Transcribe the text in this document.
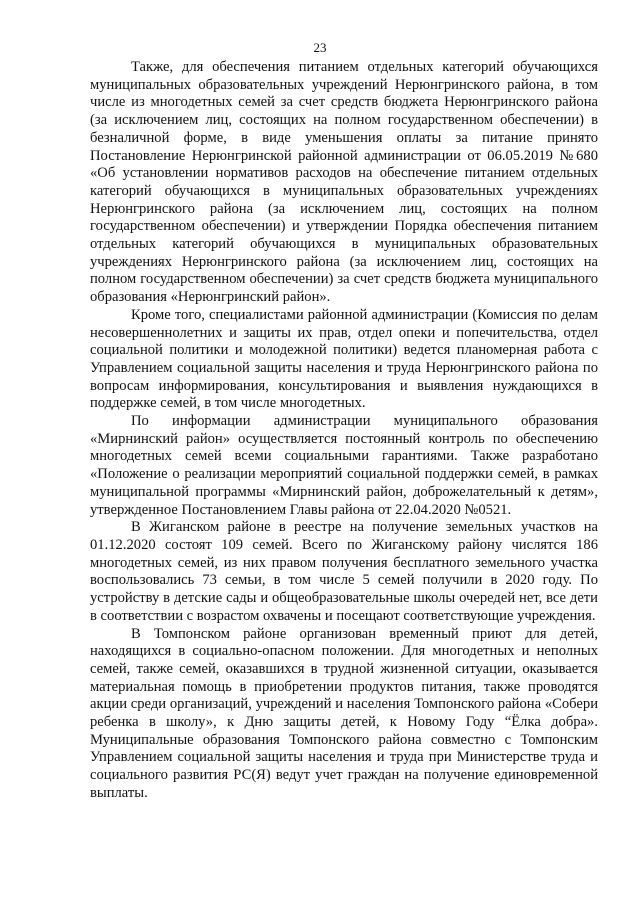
23

Также, для обеспечения питанием отдельных категорий обучающихся муниципальных образовательных учреждений Нерюнгринского района, в том числе из многодетных семей за счет средств бюджета Нерюнгринского района (за исключением лиц, состоящих на полном государственном обеспечении) в безналичной форме, в виде уменьшения оплаты за питание принято Постановление Нерюнгринской районной администрации от 06.05.2019 №680 «Об установлении нормативов расходов на обеспечение питанием отдельных категорий обучающихся в муниципальных образовательных учреждениях Нерюнгринского района (за исключением лиц, состоящих на полном государственном обеспечении) и утверждении Порядка обеспечения питанием отдельных категорий обучающихся в муниципальных образовательных учреждениях Нерюнгринского района (за исключением лиц, состоящих на полном государственном обеспечении) за счет средств бюджета муниципального образования «Нерюнгринский район».

Кроме того, специалистами районной администрации (Комиссия по делам несовершеннолетних и защиты их прав, отдел опеки и попечительства, отдел социальной политики и молодежной политики) ведется планомерная работа с Управлением социальной защиты населения и труда Нерюнгринского района по вопросам информирования, консультирования и выявления нуждающихся в поддержке семей, в том числе многодетных.

По информации администрации муниципального образования «Мирнинский район» осуществляется постоянный контроль по обеспечению многодетных семей всеми социальными гарантиями. Также разработано «Положение о реализации мероприятий социальной поддержки семей, в рамках муниципальной программы «Мирнинский район, доброжелательный к детям», утвержденное Постановлением Главы района от 22.04.2020 №0521.

В Жиганском районе в реестре на получение земельных участков на 01.12.2020 состоят 109 семей. Всего по Жиганскому району числятся 186 многодетных семей, из них правом получения бесплатного земельного участка воспользовались 73 семьи, в том числе 5 семей получили в 2020 году. По устройству в детские сады и общеобразовательные школы очередей нет, все дети в соответствии с возрастом охвачены и посещают соответствующие учреждения.

В Томпонском районе организован временный приют для детей, находящихся в социально-опасном положении. Для многодетных и неполных семей, также семей, оказавшихся в трудной жизненной ситуации, оказывается материальная помощь в приобретении продуктов питания, также проводятся акции среди организаций, учреждений и населения Томпонского района «Собери ребенка в школу», к Дню защиты детей, к Новому Году “Ёлка добра». Муниципальные образования Томпонского района совместно с Томпонским Управлением социальной защиты населения и труда при Министерстве труда и социального развития РС(Я) ведут учет граждан на получение единовременной выплаты.
